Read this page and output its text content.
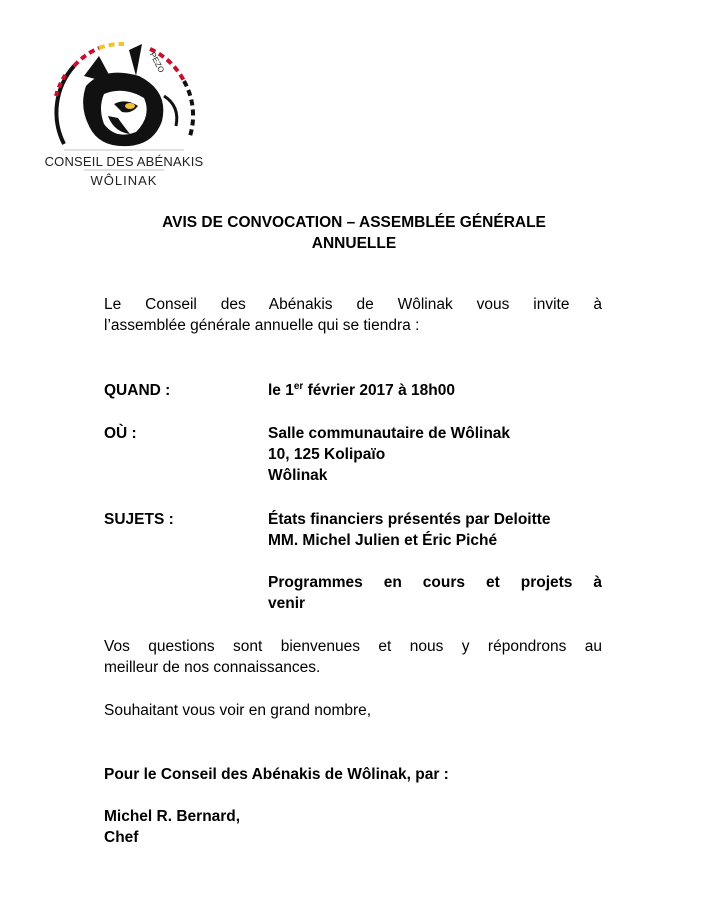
PEZO
CONSEIL DES ABÉNAKIS
WÔLINAK
AVIS DE CONVOCATION – ASSEMBLÉE GÉNÉRALE
ANNUELLE
Le Conseil des Abénakis de Wôlinak vous invite à
l’assemblée générale annuelle qui se tiendra :
QUAND :	le 1er février 2017 à 18h00
OÙ :	Salle communautaire de Wôlinak
10, 125 Kolipaïo
Wôlinak
SUJETS :	États financiers présentés par Deloitte
MM. Michel Julien et Éric Piché
Programmes en cours et projets à
venir
Vos questions sont bienvenues et nous y répondrons au
meilleur de nos connaissances.
Souhaitant vous voir en grand nombre,
Pour le Conseil des Abénakis de Wôlinak, par :
Michel R. Bernard,
Chef
